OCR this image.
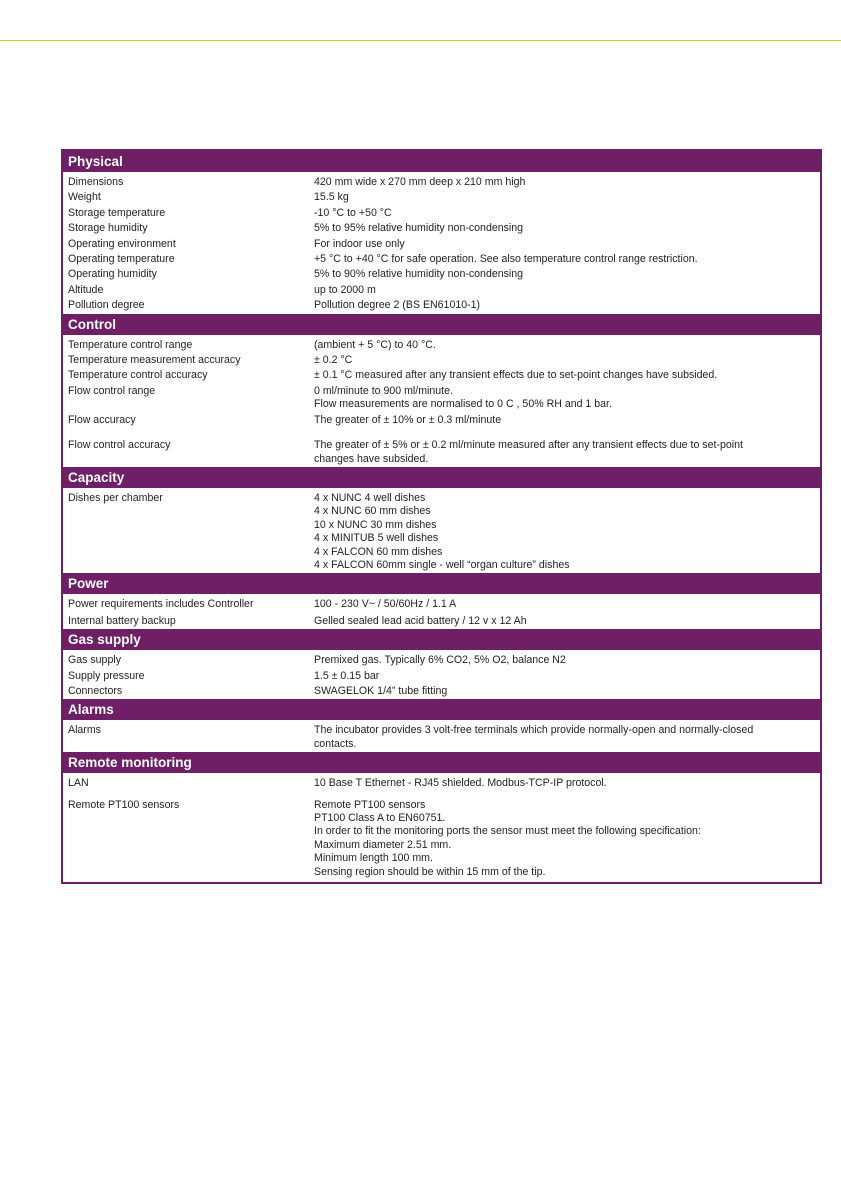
Physical
Dimensions	420 mm wide x 270 mm deep x 210 mm high
Weight	15.5 kg
Storage temperature	-10 °C to +50 °C
Storage humidity	5% to 95% relative humidity non-condensing
Operating environment	For indoor use only
Operating temperature	+5 °C to +40 °C for safe operation. See also temperature control range restriction.
Operating humidity	5% to 90% relative humidity non-condensing
Altitude	up to 2000 m
Pollution degree	Pollution degree 2 (BS EN61010-1)
Control
Temperature control range	(ambient + 5 °C) to 40 °C.
Temperature measurement accuracy	± 0.2 °C
Temperature control accuracy	± 0.1 °C measured after any transient effects due to set-point changes have subsided.
Flow control range	0 ml/minute to 900 ml/minute.
Flow measurements are normalised to 0 C , 50% RH and 1 bar.
Flow accuracy	The greater of ± 10% or ± 0.3 ml/minute
Flow control accuracy	The greater of ± 5% or ± 0.2 ml/minute measured after any transient effects due to set-point
changes have subsided.
Capacity
Dishes per chamber	4 x NUNC 4 well dishes
4 x NUNC 60 mm dishes
10 x NUNC 30 mm dishes
4 x MINITUB 5 well dishes
4 x FALCON 60 mm dishes
4 x FALCON 60mm single - well “organ culture” dishes
Power
Power requirements includes Controller	100 - 230 V~ / 50/60Hz / 1.1 A
Internal battery backup	Gelled sealed lead acid battery / 12 v x 12 Ah
Gas supply
Gas supply	Premixed gas. Typically 6% CO2, 5% O2, balance N2
Supply pressure	1.5 ± 0.15 bar
Connectors	SWAGELOK 1/4” tube fitting
Alarms
Alarms	The incubator provides 3 volt-free terminals which provide normally-open and normally-closed
contacts.
Remote monitoring
LAN	10 Base T Ethernet - RJ45 shielded. Modbus-TCP-IP protocol.
Remote PT100 sensors	Remote PT100 sensors
PT100 Class A to EN60751.
In order to fit the monitoring ports the sensor must meet the following specification:
Maximum diameter 2.51 mm.
Minimum length 100 mm.
Sensing region should be within 15 mm of the tip.
